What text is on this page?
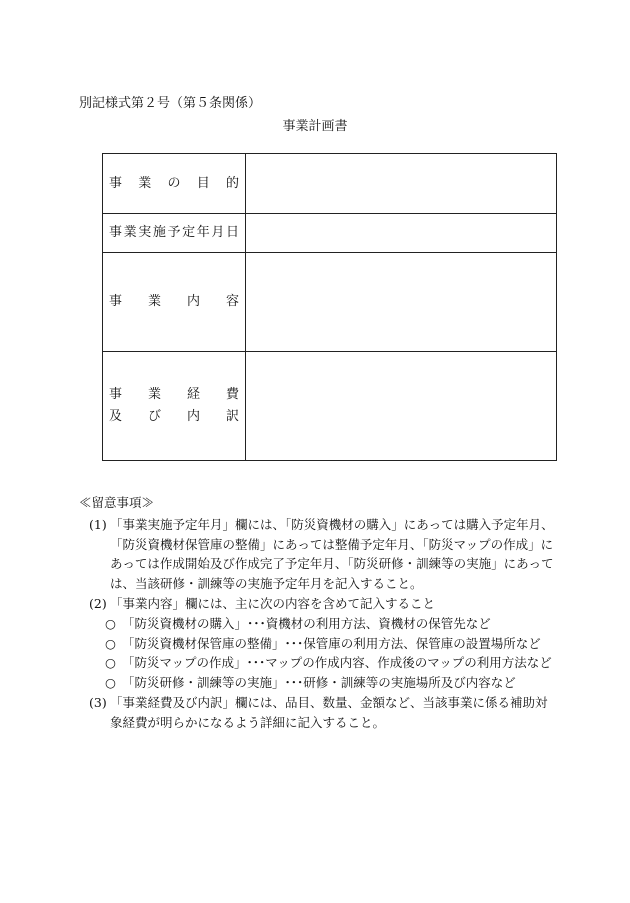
別記様式第２号（第５条関係）
事業計画書
事業の目的	

事業実施予定年月日	

事業内容	

事業経費
及び内訳	

≪留意事項≫
(1) 「事業実施予定年月」欄には、「防災資機材の購入」にあっては購入予定年月、「防災資機材保管庫の整備」にあっては整備予定年月、「防災マップの作成」にあっては作成開始及び作成完了予定年月、「防災研修・訓練等の実施」にあっては、当該研修・訓練等の実施予定年月を記入すること。
(2) 「事業内容」欄には、主に次の内容を含めて記入すること
○ 「防災資機材の購入」･･･資機材の利用方法、資機材の保管先など
○ 「防災資機材保管庫の整備」･･･保管庫の利用方法、保管庫の設置場所など
○ 「防災マップの作成」･･･マップの作成内容、作成後のマップの利用方法など
○ 「防災研修・訓練等の実施」･･･研修・訓練等の実施場所及び内容など
(3) 「事業経費及び内訳」欄には、品目、数量、金額など、当該事業に係る補助対象経費が明らかになるよう詳細に記入すること。
